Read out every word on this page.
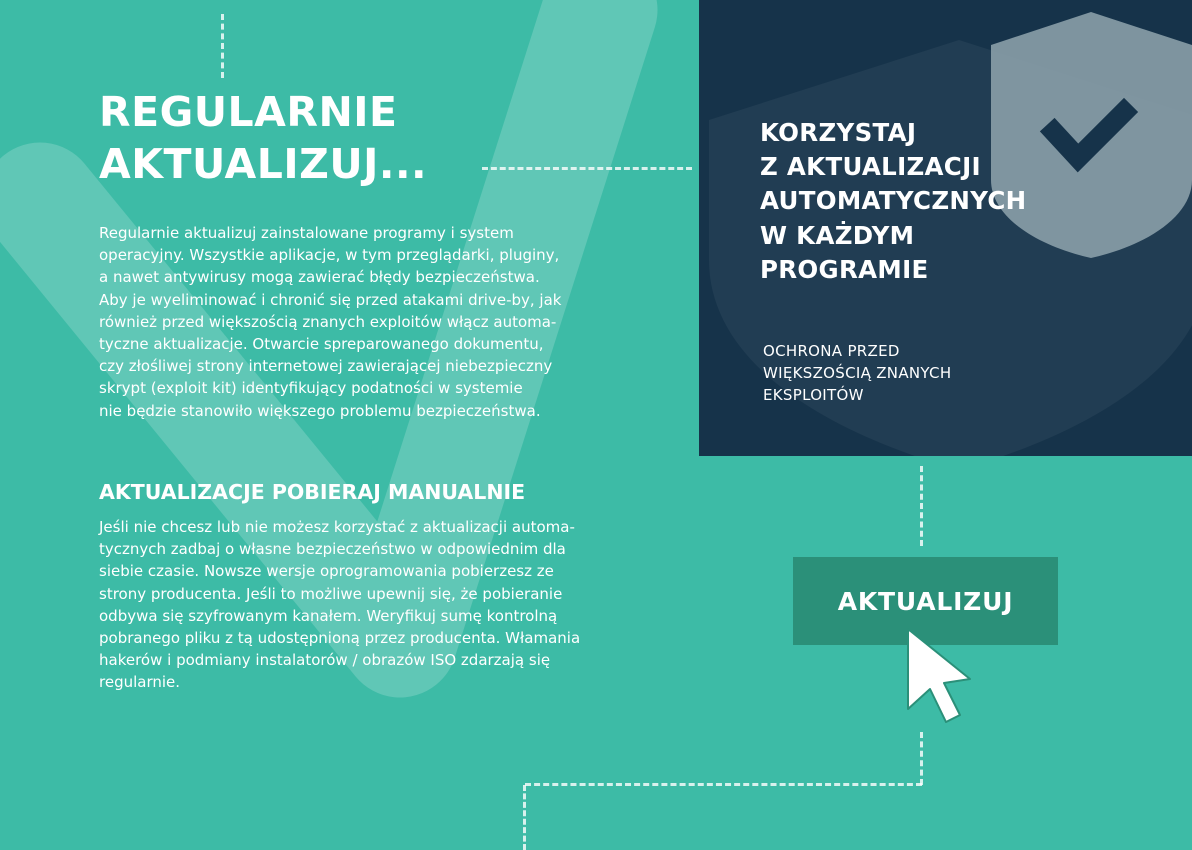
REGULARNIE
AKTUALIZUJ...

Regularnie aktualizuj zainstalowane programy i system
operacyjny. Wszystkie aplikacje, w tym przeglądarki, pluginy,
a nawet antywirusy mogą zawierać błędy bezpieczeństwa.
Aby je wyeliminować i chronić się przed atakami drive-by, jak
również przed większością znanych exploitów włącz automa-
tyczne aktualizacje. Otwarcie spreparowanego dokumentu,
czy złośliwej strony internetowej zawierającej niebezpieczny
skrypt (exploit kit) identyfikujący podatności w systemie
nie będzie stanowiło większego problemu bezpieczeństwa.

AKTUALIZACJE POBIERAJ MANUALNIE

Jeśli nie chcesz lub nie możesz korzystać z aktualizacji automa-
tycznych zadbaj o własne bezpieczeństwo w odpowiednim dla
siebie czasie. Nowsze wersje oprogramowania pobierzesz ze
strony producenta. Jeśli to możliwe upewnij się, że pobieranie
odbywa się szyfrowanym kanałem. Weryfikuj sumę kontrolną
pobranego pliku z tą udostępnioną przez producenta. Włamania
hakerów i podmiany instalatorów / obrazów ISO zdarzają się
regularnie.

KORZYSTAJ
Z AKTUALIZACJI
AUTOMATYCZNYCH
W KAŻDYM
PROGRAMIE

OCHRONA PRZED
WIĘKSZOŚCIĄ ZNANYCH
EKSPLOITÓW

AKTUALIZUJ
